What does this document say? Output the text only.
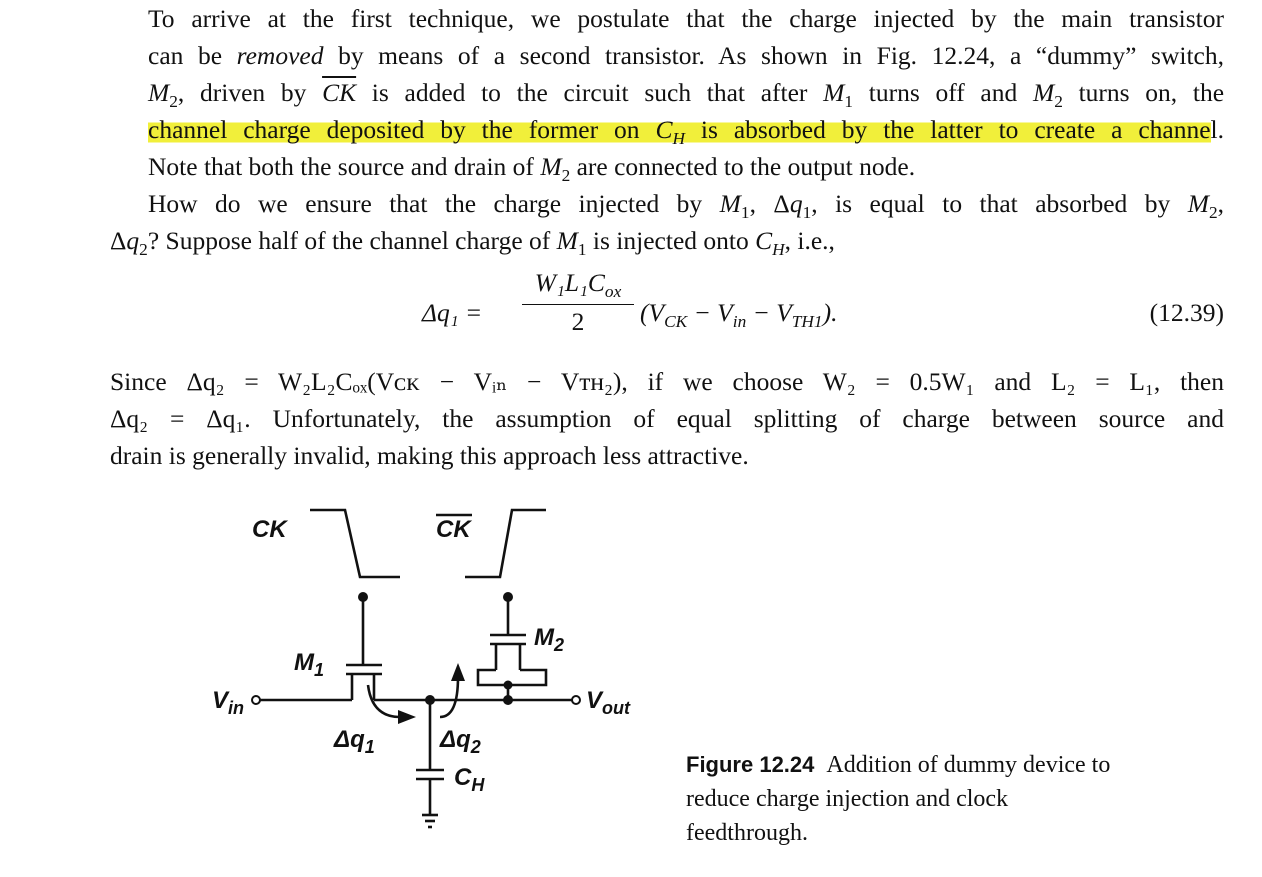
To arrive at the first technique, we postulate that the charge injected by the main transistor
can be removed by means of a second transistor. As shown in Fig. 12.24, a “dummy” switch,
$M_2$, driven by $\overline{CK}$ is added to the circuit such that after $M_1$ turns off and $M_2$ turns on, the
channel charge deposited by the former on $C_H$ is absorbed by the latter to create a channel.
Note that both the source and drain of $M_2$ are connected to the output node.
How do we ensure that the charge injected by $M_1$, $\Delta q_1$, is equal to that absorbed by $M_2$,
$\Delta q_2$? Suppose half of the channel charge of $M_1$ is injected onto $C_H$, i.e.,
Δq₁ =
$W_1L_1C_{ox}$
2	$(V_{CK} - V_{in} - V_{TH1})$.	(12.39)
Since Δq₂ = W₂L₂Cₒₓ(Vᴄᴋ − Vᵢₙ − Vᴛʜ₂), if we choose W₂ = 0.5W₁ and L₂ = L₁, then
Δq₂ = Δq₁. Unfortunately, the assumption of equal splitting of charge between source and
drain is generally invalid, making this approach less attractive.
CK	CK
$M_1$
$M_2$
$V_{in}$	$V_{out}$
$\Delta q_1$	$\Delta q_2$
$C_H$
Figure 12.24 Addition of dummy device to reduce charge injection and clock feedthrough.
